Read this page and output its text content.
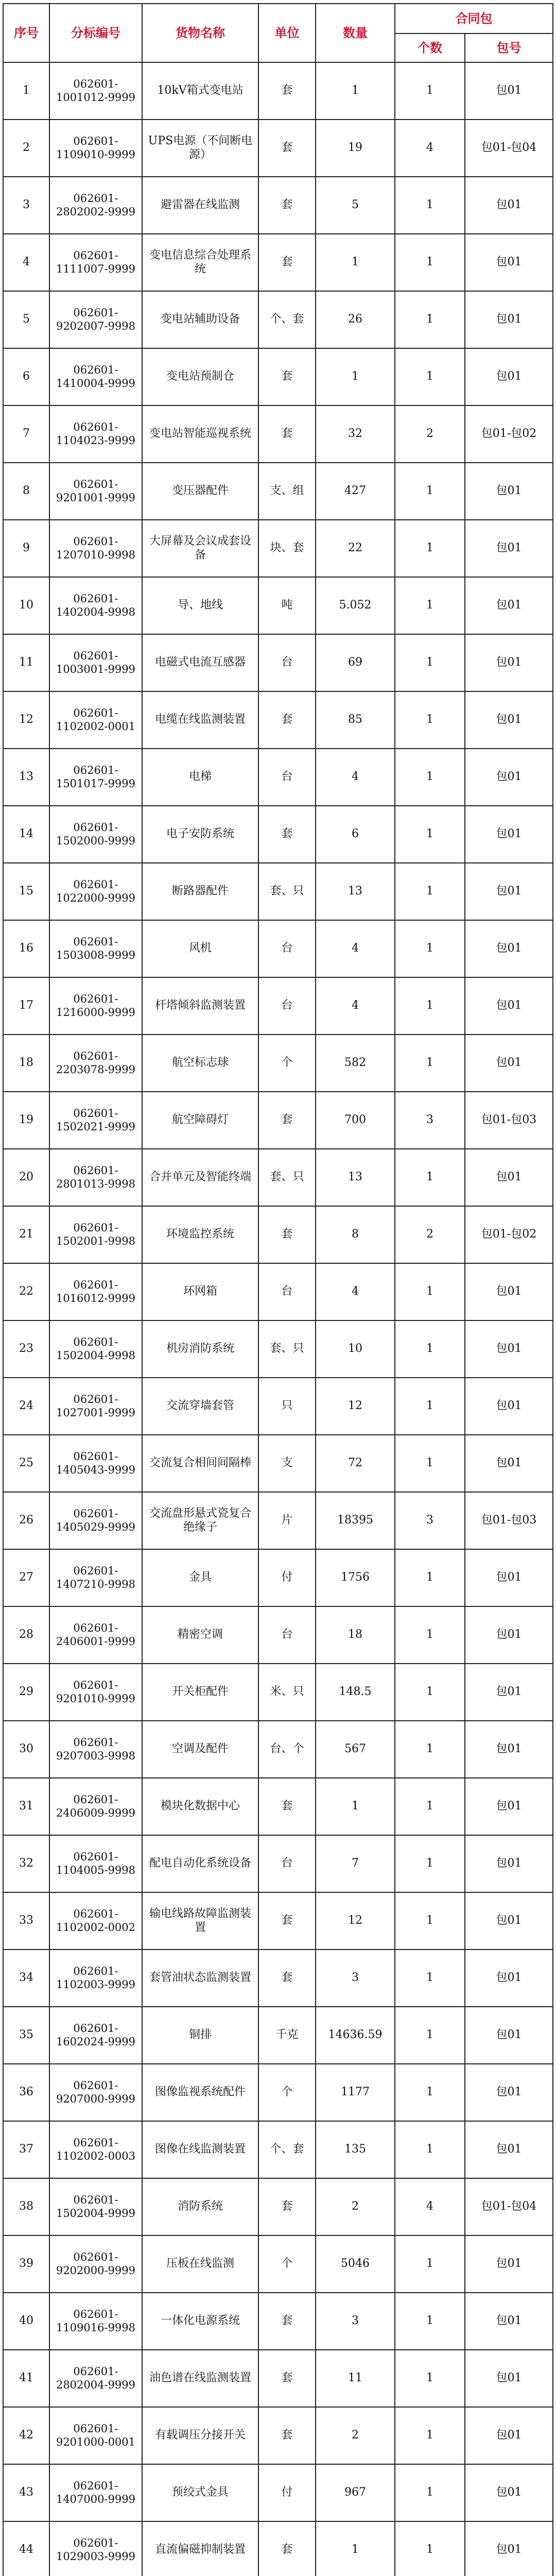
序号	分标编号	货物名称	单位	数量	合同包	
					个数	包号
1	062601-1001012-9999	10kV箱式变电站	套	1	1	包01
2	062601-1109010-9999	UPS电源（不间断电源）	套	19	4	包01-包04
3	062601-2802002-9999	避雷器在线监测	套	5	1	包01
4	062601-1111007-9999	变电信息综合处理系统	套	1	1	包01
5	062601-9202007-9998	变电站辅助设备	个、套	26	1	包01
6	062601-1410004-9999	变电站预制仓	套	1	1	包01
7	062601-1104023-9999	变电站智能巡视系统	套	32	2	包01-包02
8	062601-9201001-9999	变压器配件	支、组	427	1	包01
9	062601-1207010-9998	大屏幕及会议成套设备	块、套	22	1	包01
10	062601-1402004-9998	导、地线	吨	5.052	1	包01
11	062601-1003001-9999	电磁式电流互感器	台	69	1	包01
12	062601-1102002-0001	电缆在线监测装置	套	85	1	包01
13	062601-1501017-9999	电梯	台	4	1	包01
14	062601-1502000-9999	电子安防系统	套	6	1	包01
15	062601-1022000-9999	断路器配件	套、只	13	1	包01
16	062601-1503008-9999	风机	台	4	1	包01
17	062601-1216000-9999	杆塔倾斜监测装置	台	4	1	包01
18	062601-2203078-9999	航空标志球	个	582	1	包01
19	062601-1502021-9999	航空障碍灯	套	700	3	包01-包03
20	062601-2801013-9998	合并单元及智能终端	套、只	13	1	包01
21	062601-1502001-9998	环境监控系统	套	8	2	包01-包02
22	062601-1016012-9999	环网箱	台	4	1	包01
23	062601-1502004-9998	机房消防系统	套、只	10	1	包01
24	062601-1027001-9999	交流穿墙套管	只	12	1	包01
25	062601-1405043-9999	交流复合相间间隔棒	支	72	1	包01
26	062601-1405029-9999	交流盘形悬式瓷复合绝缘子	片	18395	3	包01-包03
27	062601-1407210-9998	金具	付	1756	1	包01
28	062601-2406001-9999	精密空调	台	18	1	包01
29	062601-9201010-9999	开关柜配件	米、只	148.5	1	包01
30	062601-9207003-9998	空调及配件	台、个	567	1	包01
31	062601-2406009-9999	模块化数据中心	套	1	1	包01
32	062601-1104005-9998	配电自动化系统设备	台	7	1	包01
33	062601-1102002-0002	输电线路故障监测装置	套	12	1	包01
34	062601-1102003-9999	套管油状态监测装置	套	3	1	包01
35	062601-1602024-9999	铜排	千克	14636.59	1	包01
36	062601-9207000-9999	图像监视系统配件	个	1177	1	包01
37	062601-1102002-0003	图像在线监测装置	个、套	135	1	包01
38	062601-1502004-9999	消防系统	套	2	4	包01-包04
39	062601-9202000-9999	压板在线监测	个	5046	1	包01
40	062601-1109016-9998	一体化电源系统	套	3	1	包01
41	062601-2802004-9999	油色谱在线监测装置	套	11	1	包01
42	062601-9201000-0001	有载调压分接开关	套	2	1	包01
43	062601-1407000-9999	预绞式金具	付	967	1	包01
44	062601-1029003-9999	直流偏磁抑制装置	套	1	1	包01
